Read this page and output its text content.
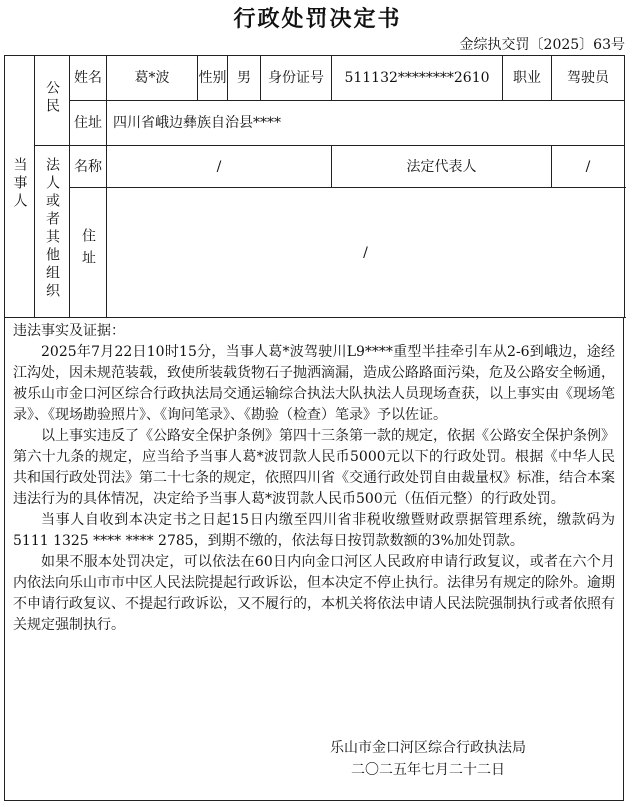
行政处罚决定书
金综执交罚〔2025〕63号
当事人	公民	姓名	葛*波	性别	男	身份证号	511132********2610	职业	驾驶员
		住址	四川省峨边彝族自治县****						
	法人或者其他组织	名称	/				法定代表人		/
		住址	/						

违法事实及证据：

2025年7月22日10时15分，当事人葛*波驾驶川L9****重型半挂牵引车从2-6到峨边，途经江沟处，因未规范装载，致使所装载货物石子抛洒滴漏，造成公路路面污染，危及公路安全畅通，被乐山市金口河区综合行政执法局交通运输综合执法大队执法人员现场查获，以上事实由《现场笔录》、《现场勘验照片》、《询问笔录》、《勘验（检查）笔录》予以佐证。

以上事实违反了《公路安全保护条例》第四十三条第一款的规定，依据《公路安全保护条例》第六十九条的规定，应当给予当事人葛*波罚款人民币5000元以下的行政处罚。根据《中华人民共和国行政处罚法》第二十七条的规定，依照四川省《交通行政处罚自由裁量权》标准，结合本案违法行为的具体情况，决定给予当事人葛*波罚款人民币500元（伍佰元整）的行政处罚。

当事人自收到本决定书之日起15日内缴至四川省非税收缴暨财政票据管理系统，缴款码为5111 1325 **** **** 2785，到期不缴的，依法每日按罚款数额的3%加处罚款。

如果不服本处罚决定，可以依法在60日内向金口河区人民政府申请行政复议，或者在六个月内依法向乐山市市中区人民法院提起行政诉讼，但本决定不停止执行。法律另有规定的除外。逾期不申请行政复议、不提起行政诉讼，又不履行的，本机关将依法申请人民法院强制执行或者依照有关规定强制执行。

乐山市金口河区综合行政执法局
二〇二五年七月二十二日
